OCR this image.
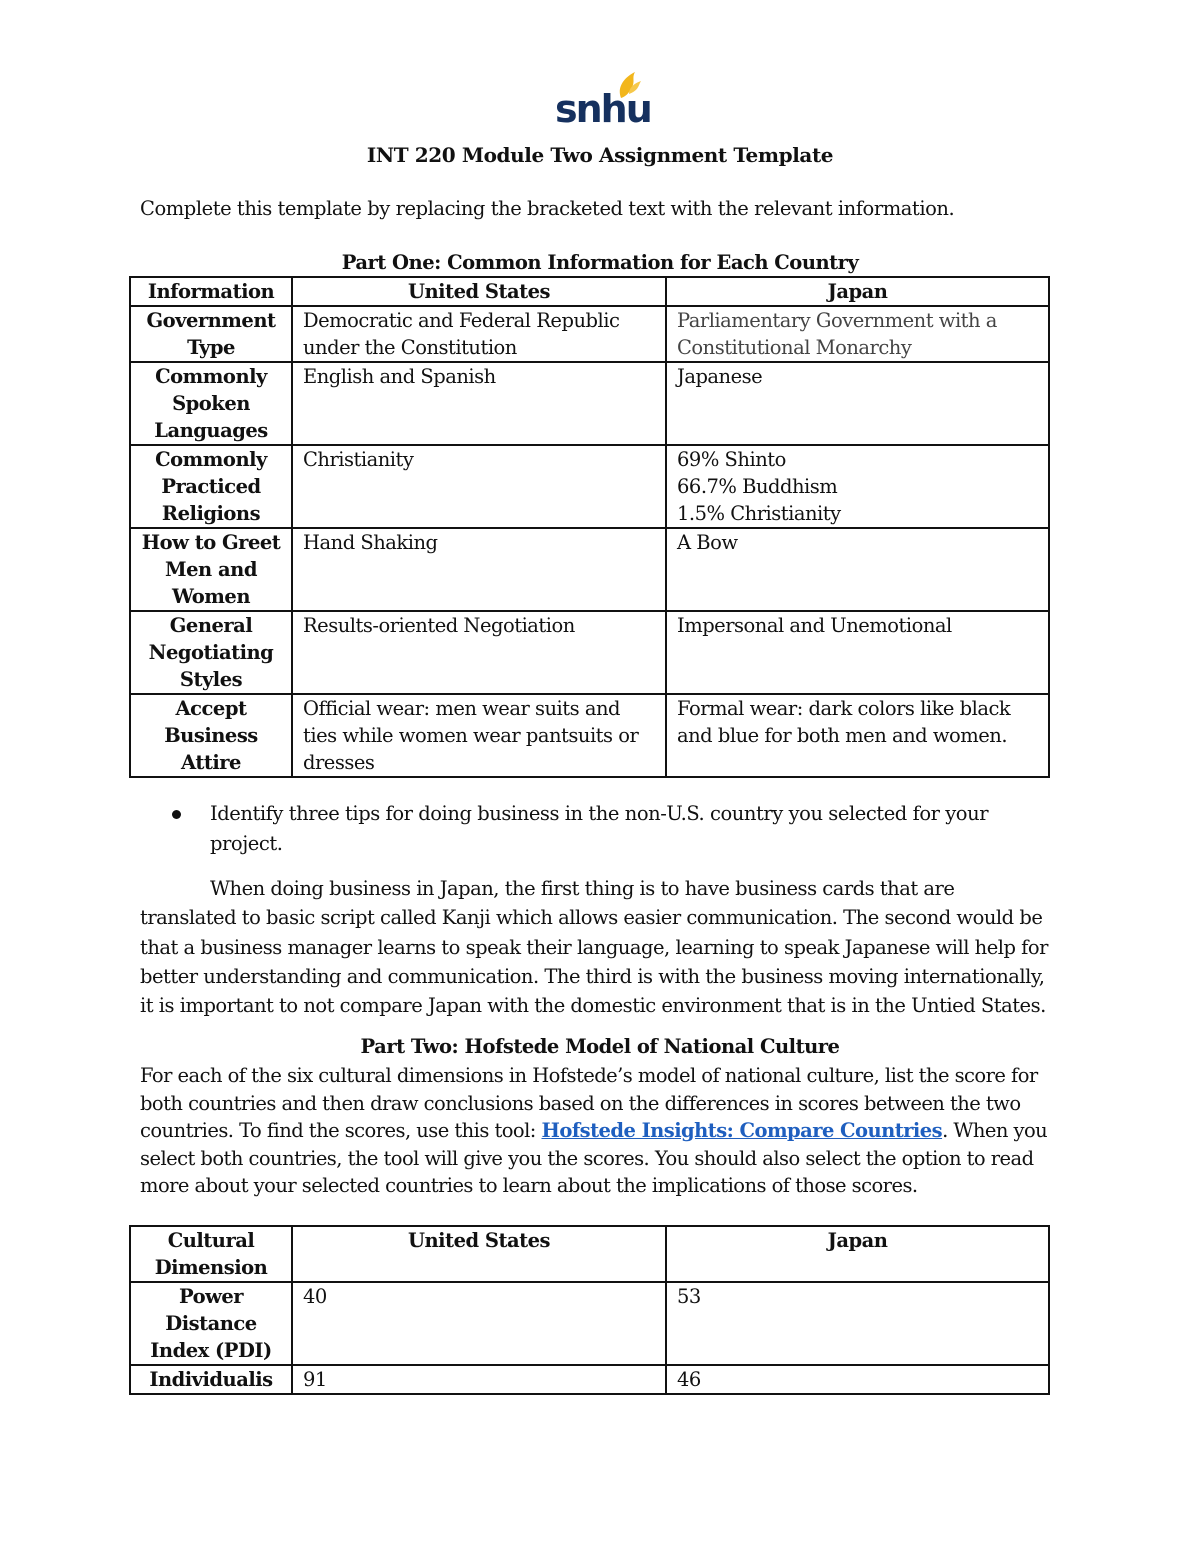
snhu
INT 220 Module Two Assignment Template
Complete this template by replacing the bracketed text with the relevant information.
Part One: Common Information for Each Country
Information	United States	Japan
Government Type	Democratic and Federal Republic under the Constitution	Parliamentary Government with a Constitutional Monarchy
Commonly Spoken Languages	English and Spanish	Japanese
Commonly Practiced Religions	Christianity	69% Shinto
66.7% Buddhism
1.5% Christianity

How to Greet Men and Women	Hand Shaking	A Bow
General Negotiating Styles	Results-oriented Negotiation	Impersonal and Unemotional
Accept Business Attire	Official wear: men wear suits and ties while women wear pantsuits or dresses	Formal wear: dark colors like black and blue for both men and women.
Identify three tips for doing business in the non-U.S. country you selected for your project.
When doing business in Japan, the first thing is to have business cards that are translated to basic script called Kanji which allows easier communication. The second would be that a business manager learns to speak their language, learning to speak Japanese will help for better understanding and communication. The third is with the business moving internationally, it is important to not compare Japan with the domestic environment that is in the Untied States.
Part Two: Hofstede Model of National Culture
For each of the six cultural dimensions in Hofstede’s model of national culture, list the score for both countries and then draw conclusions based on the differences in scores between the two countries. To find the scores, use this tool: Hofstede Insights: Compare Countries. When you select both countries, the tool will give you the scores. You should also select the option to read more about your selected countries to learn about the implications of those scores.
Cultural Dimension	United States	Japan
Power Distance Index (PDI)	40	53
Individualis	91	46
